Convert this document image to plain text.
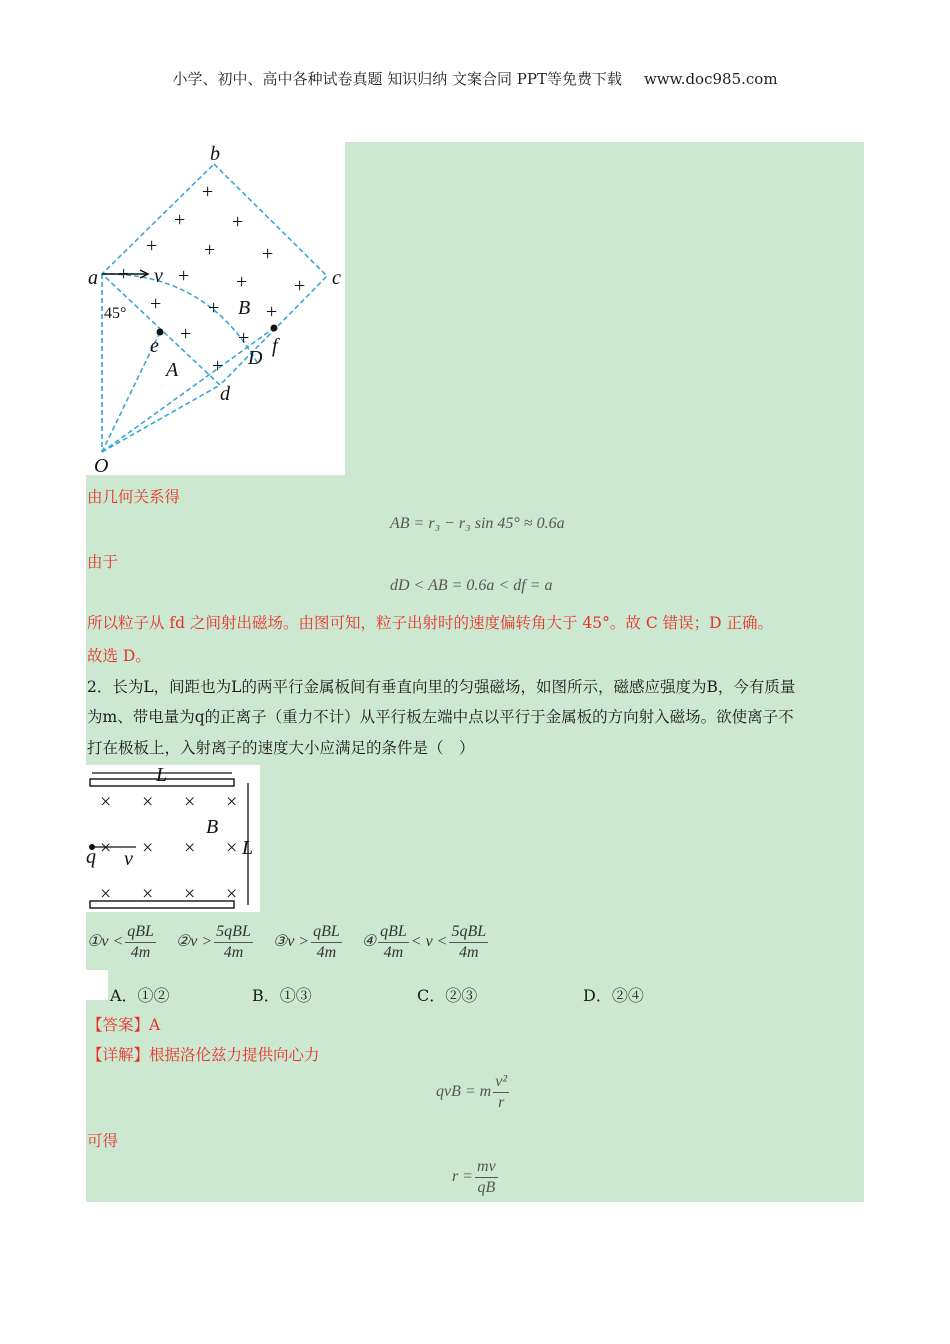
小学、初中、高中各种试卷真题 知识归纳 文案合同 PPT等免费下载 www.doc985.com
+
+ +
+ + +
+ + + +
+ + +
+ +
+
b
a	c
d
e	f
O
A
B
D
v
45°
由几何关系得
AB = r₃ − r₃ sin 45° ≈ 0.6a
由于
dD < AB = 0.6a < df = a
所以粒子从 fd 之间射出磁场。由图可知，粒子出射时的速度偏转角大于 45°。故 C 错误；D 正确。
故选 D。
2．长为L，间距也为L的两平行金属板间有垂直向里的匀强磁场，如图所示，磁感应强度为B，今有质量
为m、带电量为q的正离子（重力不计）从平行板左端中点以平行于金属板的方向射入磁场。欲使离子不
打在极板上，入射离子的速度大小应满足的条件是（　）
× × × ×
× × × ×
× × × ×
L
L
B
q v
①v < $\frac{\text{qBL}}{4m}$ ②v > $\frac{\text{5qBL}}{4m}$ ③v > $\frac{\text{qBL}}{4m}$ ④ $\frac{\text{qBL}}{4m} < v < \frac{\text{5qBL}}{4m}$
A．①②	B．①③	C．②③	D．②④
【答案】A
【详解】根据洛伦兹力提供向心力
qvB = m $\frac{\text{v²}}{r}$
可得
$r = \frac{mv}{qB}$
